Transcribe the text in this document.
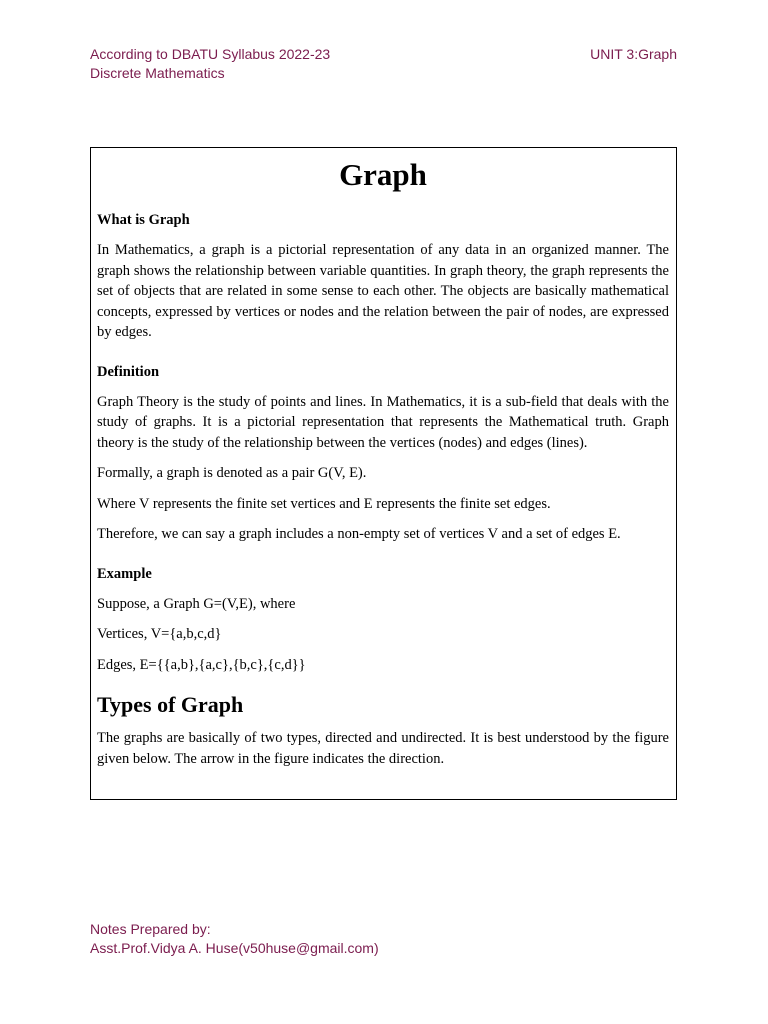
According to DBATU Syllabus 2022-23
Discrete Mathematics
UNIT 3:Graph
Graph
What is Graph

In Mathematics, a graph is a pictorial representation of any data in an organized manner. The graph shows the relationship between variable quantities. In graph theory, the graph represents the set of objects that are related in some sense to each other. The objects are basically mathematical concepts, expressed by vertices or nodes and the relation between the pair of nodes, are expressed by edges.

Definition

Graph Theory is the study of points and lines. In Mathematics, it is a sub-field that deals with the study of graphs. It is a pictorial representation that represents the Mathematical truth. Graph theory is the study of the relationship between the vertices (nodes) and edges (lines).

Formally, a graph is denoted as a pair G(V, E).

Where V represents the finite set vertices and E represents the finite set edges.

Therefore, we can say a graph includes a non-empty set of vertices V and a set of edges E.

Example

Suppose, a Graph G=(V,E), where

Vertices, V={a,b,c,d}

Edges, E={{a,b},{a,c},{b,c},{c,d}}

Types of Graph

The graphs are basically of two types, directed and undirected. It is best understood by the figure given below. The arrow in the figure indicates the direction.

Notes Prepared by:
Asst.Prof.Vidya A. Huse(v50huse@gmail.com)
